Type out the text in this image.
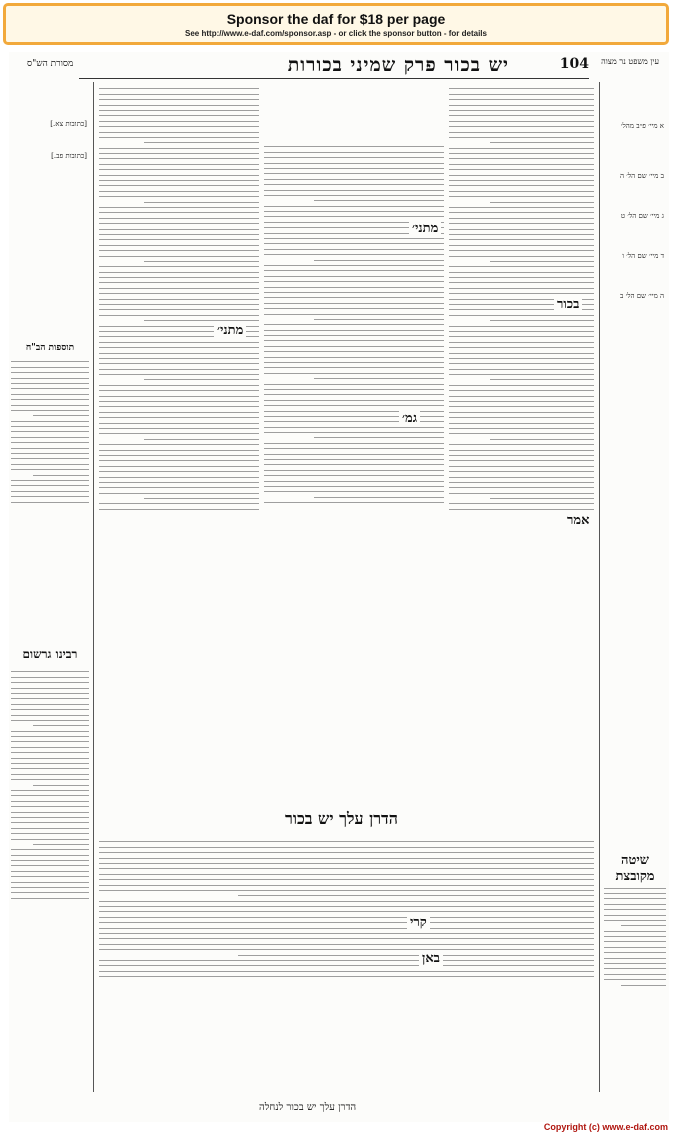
Sponsor the daf for $18 per page
See http://www.e-daf.com/sponsor.asp - or click the sponsor button - for details
עין משפט נר מצוה
104
יש בכור פרק שמיני בכורות
מסורת הש"ס
א מיי׳ פ״ב מהל׳
ב מיי׳ שם הל׳ ה
ג מיי׳ שם הל׳ ט
ד מיי׳ שם הל׳ ו
ה מיי׳ שם הל׳ ב
שיטה מקובצת
בכור
אמר
מתני׳
גמ׳
מתני׳
הדרן עלך יש בכור
קרי
באן
[כתובות צא.]
[כתובות פב.]
תוספות הב"ח
רבינו גרשום
הדרן עלך יש בכור לנחלה
Copyright (c) www.e-daf.com
